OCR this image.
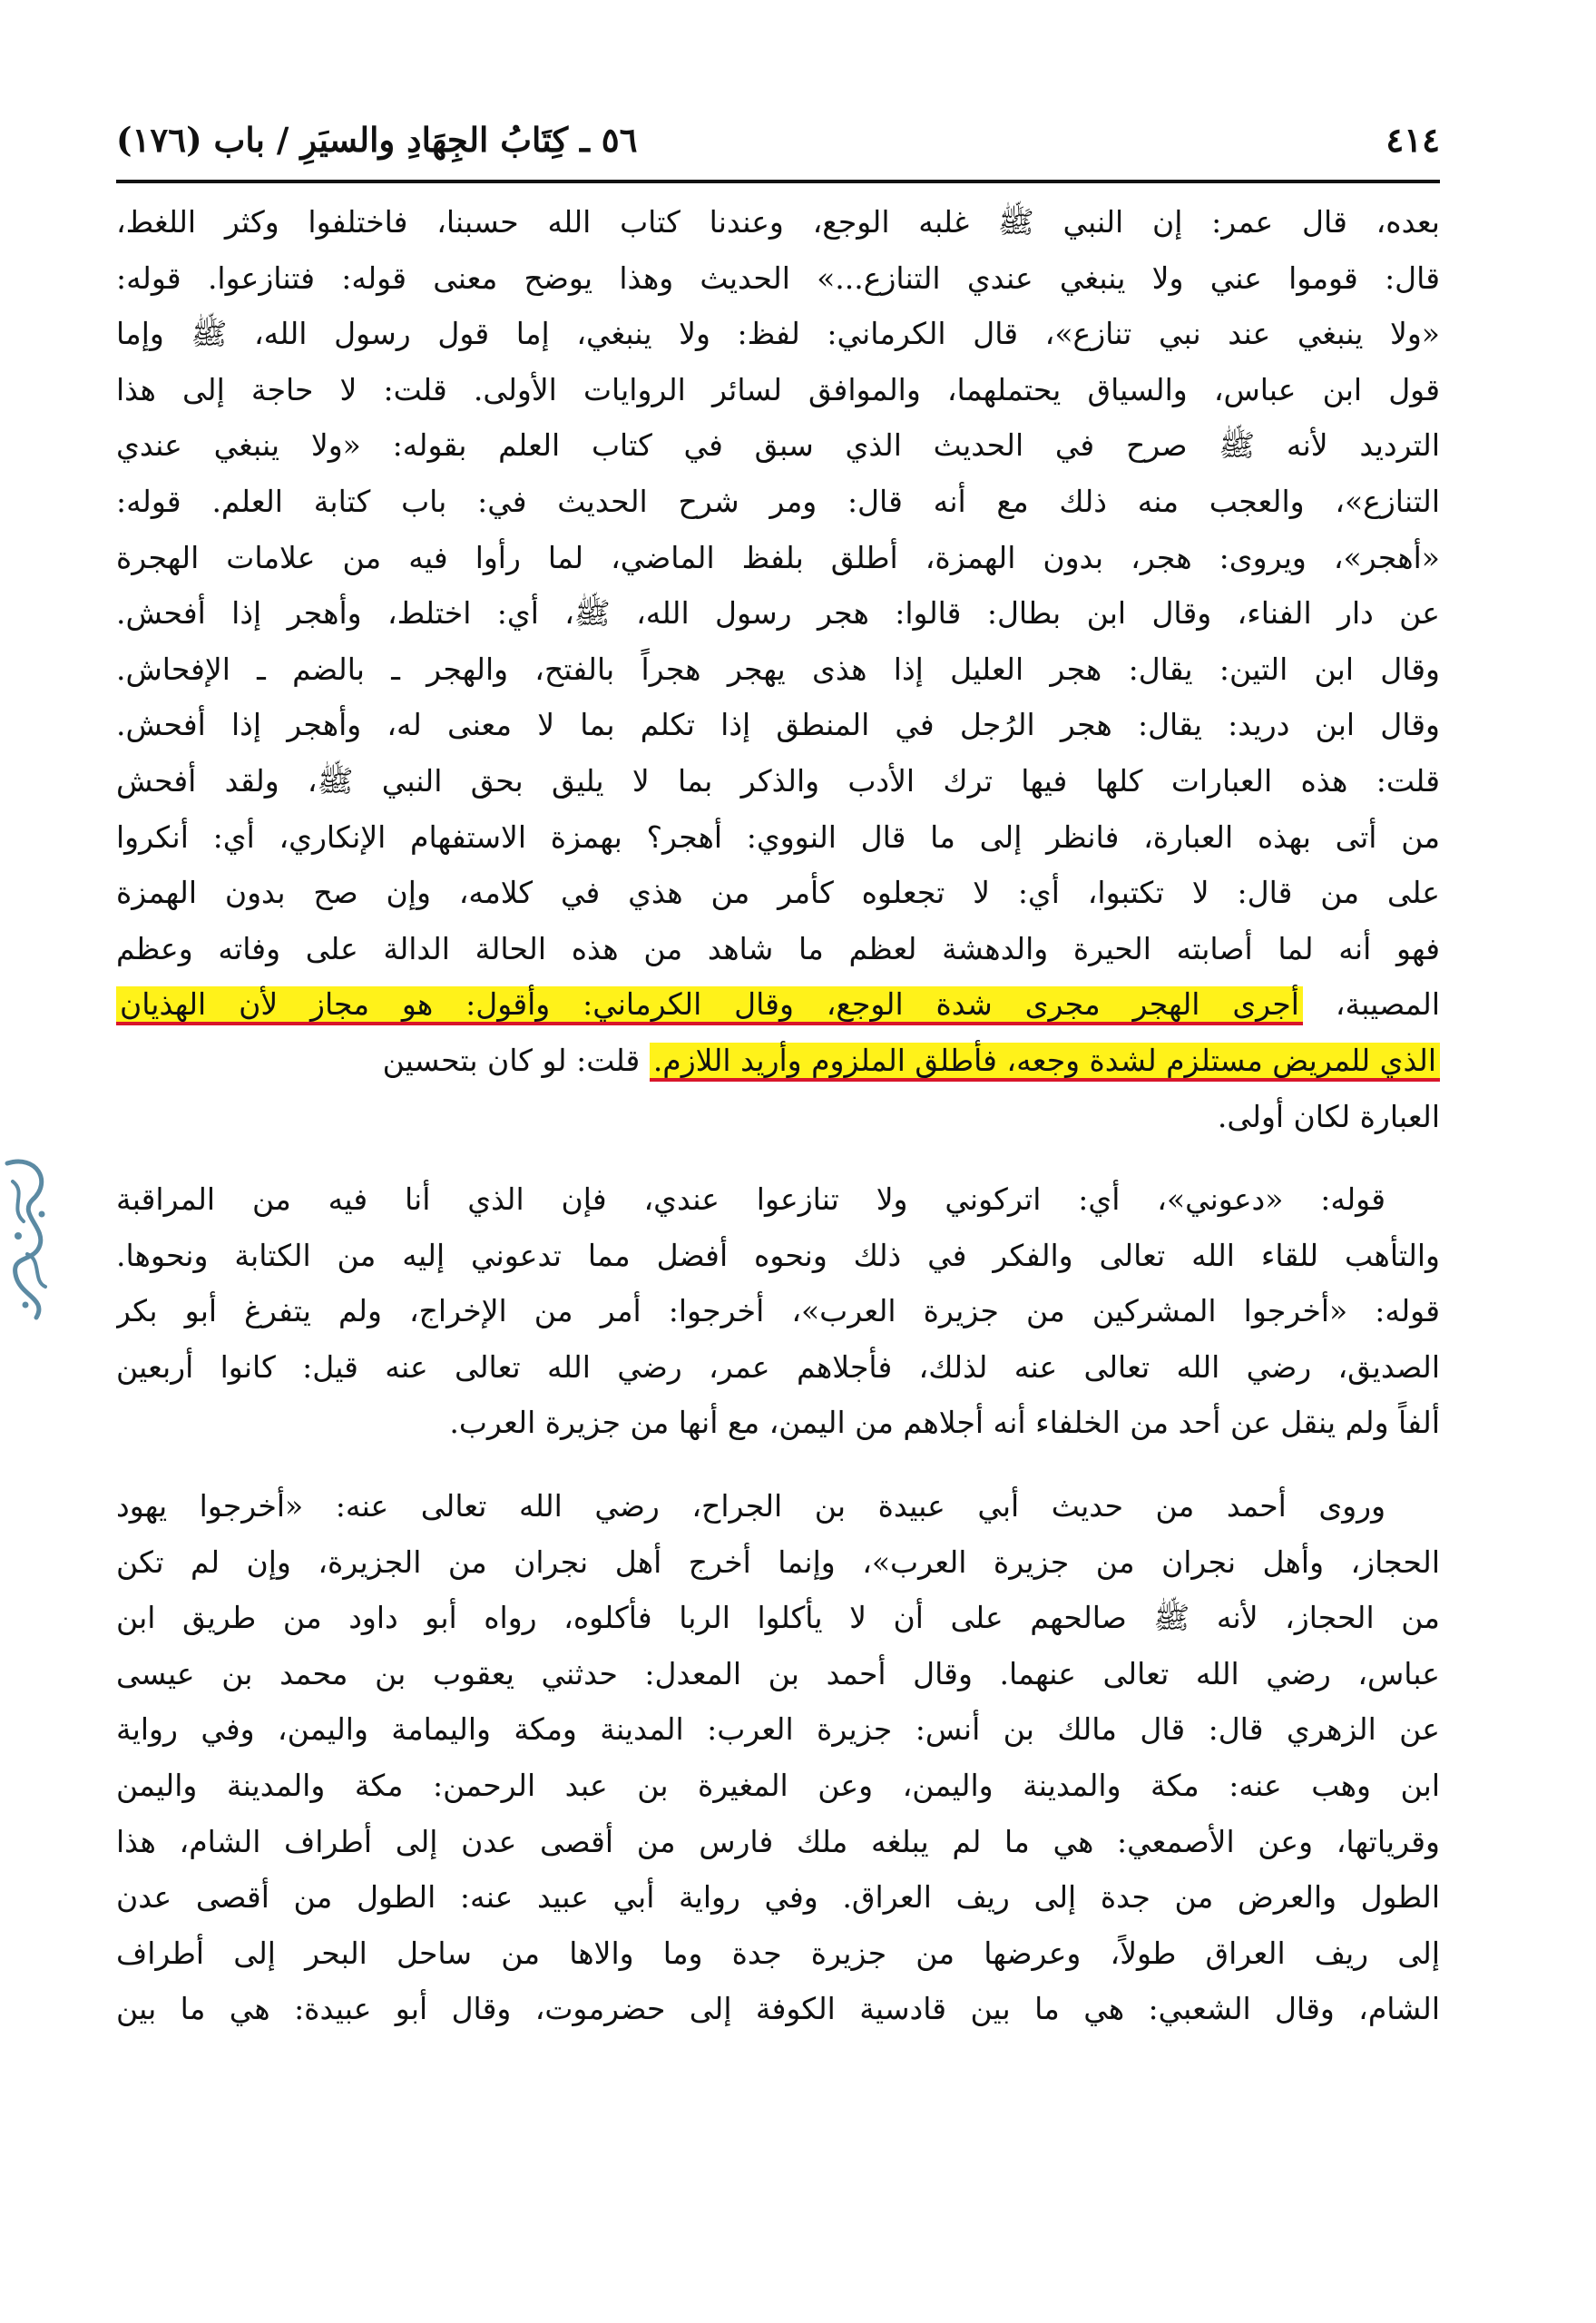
٤١٤
٥٦ ـ كِتَابُ الجِهَادِ والسيَرِ / باب (١٧٦)
بعده، قال عمر: إن النبي ﷺ غلبه الوجع، وعندنا كتاب الله حسبنا، فاختلفوا وكثر اللغط،
قال: قوموا عني ولا ينبغي عندي التنازع...» الحديث وهذا يوضح معنى قوله: فتنازعوا. قوله:
«ولا ينبغي عند نبي تنازع»، قال الكرماني: لفظ: ولا ينبغي، إما قول رسول الله، ﷺ وإما
قول ابن عباس، والسياق يحتملهما، والموافق لسائر الروايات الأولى. قلت: لا حاجة إلى هذا
الترديد لأنه ﷺ صرح في الحديث الذي سبق في كتاب العلم بقوله: «ولا ينبغي عندي
التنازع»، والعجب منه ذلك مع أنه قال: ومر شرح الحديث في: باب كتابة العلم. قوله:
«أهجر»، ويروى: هجر، بدون الهمزة، أطلق بلفظ الماضي، لما رأوا فيه من علامات الهجرة
عن دار الفناء، وقال ابن بطال: قالوا: هجر رسول الله، ﷺ، أي: اختلط، وأهجر إذا أفحش.
وقال ابن التين: يقال: هجر العليل إذا هذى يهجر هجراً بالفتح، والهجر ـ بالضم ـ الإفحاش.
وقال ابن دريد: يقال: هجر الرُجل في المنطق إذا تكلم بما لا معنى له، وأهجر إذا أفحش.
قلت: هذه العبارات كلها فيها ترك الأدب والذكر بما لا يليق بحق النبي ﷺ، ولقد أفحش
من أتى بهذه العبارة، فانظر إلى ما قال النووي: أهجر؟ بهمزة الاستفهام الإنكاري، أي: أنكروا
على من قال: لا تكتبوا، أي: لا تجعلوه كأمر من هذي في كلامه، وإن صح بدون الهمزة
فهو أنه لما أصابته الحيرة والدهشة لعظم ما شاهد من هذه الحالة الدالة على وفاته وعظم
المصيبة، أجرى الهجر مجرى شدة الوجع، وقال الكرماني: وأقول: هو مجاز لأن الهذيان
الذي للمريض مستلزم لشدة وجعه، فأطلق الملزوم وأريد اللازم. قلت: لو كان بتحسين
العبارة لكان أولى.
قوله: «دعوني»، أي: اتركوني ولا تنازعوا عندي، فإن الذي أنا فيه من المراقبة
والتأهب للقاء الله تعالى والفكر في ذلك ونحوه أفضل مما تدعوني إليه من الكتابة ونحوها.
قوله: «أخرجوا المشركين من جزيرة العرب»، أخرجوا: أمر من الإخراج، ولم يتفرغ أبو بكر
الصديق، رضي الله تعالى عنه لذلك، فأجلاهم عمر، رضي الله تعالى عنه قيل: كانوا أربعين
ألفاً ولم ينقل عن أحد من الخلفاء أنه أجلاهم من اليمن، مع أنها من جزيرة العرب.
وروى أحمد من حديث أبي عبيدة بن الجراح، رضي الله تعالى عنه: «أخرجوا يهود
الحجاز، وأهل نجران من جزيرة العرب»، وإنما أخرج أهل نجران من الجزيرة، وإن لم تكن
من الحجاز، لأنه ﷺ صالحهم على أن لا يأكلوا الربا فأكلوه، رواه أبو داود من طريق ابن
عباس، رضي الله تعالى عنهما. وقال أحمد بن المعدل: حدثني يعقوب بن محمد بن عيسى
عن الزهري قال: قال مالك بن أنس: جزيرة العرب: المدينة ومكة واليمامة واليمن، وفي رواية
ابن وهب عنه: مكة والمدينة واليمن، وعن المغيرة بن عبد الرحمن: مكة والمدينة واليمن
وقرياتها، وعن الأصمعي: هي ما لم يبلغه ملك فارس من أقصى عدن إلى أطراف الشام، هذا
الطول والعرض من جدة إلى ريف العراق. وفي رواية أبي عبيد عنه: الطول من أقصى عدن
إلى ريف العراق طولاً، وعرضها من جزيرة جدة وما والاها من ساحل البحر إلى أطراف
الشام، وقال الشعبي: هي ما بين قادسية الكوفة إلى حضرموت، وقال أبو عبيدة: هي ما بين
